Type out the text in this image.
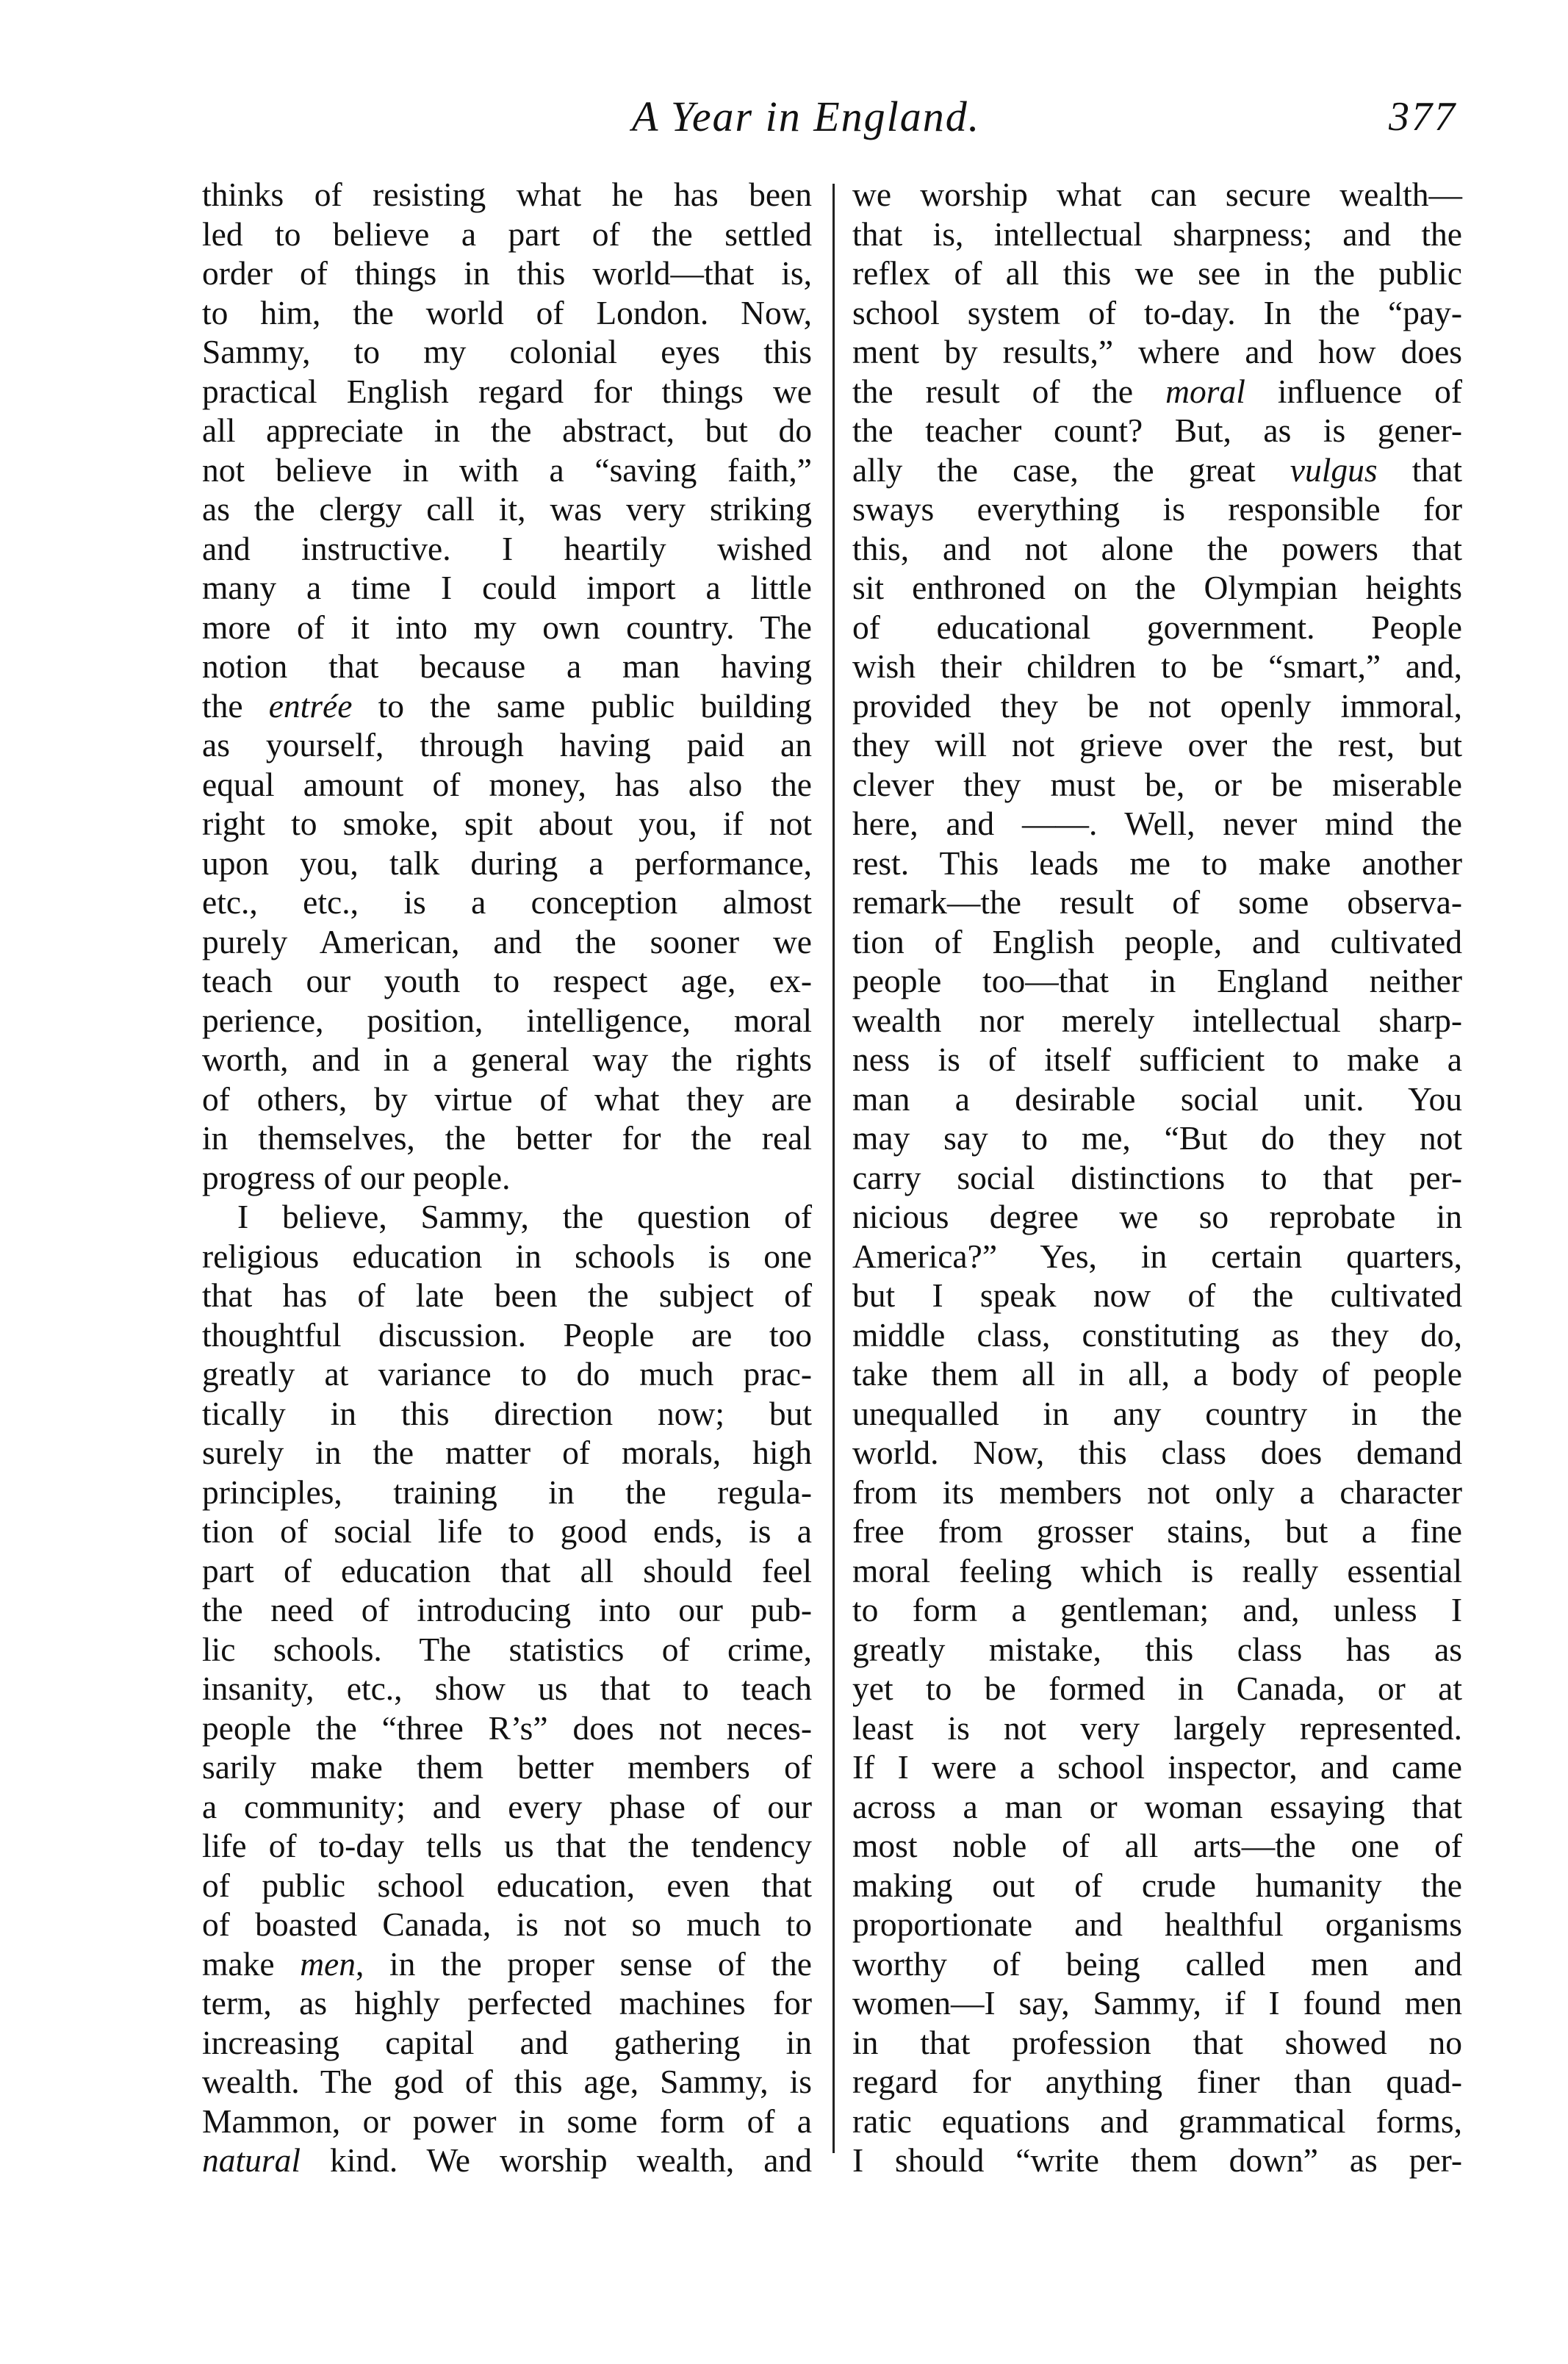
A Year in England.	377
thinks of resisting what he has been
led to believe a part of the settled
order of things in this world—that is,
to him, the world of London. Now,
Sammy, to my colonial eyes this
practical English regard for things we
all appreciate in the abstract, but do
not believe in with a “saving faith,”
as the clergy call it, was very striking
and instructive. I heartily wished
many a time I could import a little
more of it into my own country. The
notion that because a man having
the entrée to the same public building
as yourself, through having paid an
equal amount of money, has also the
right to smoke, spit about you, if not
upon you, talk during a performance,
etc., etc., is a conception almost
purely American, and the sooner we
teach our youth to respect age, ex-
perience, position, intelligence, moral
worth, and in a general way the rights
of others, by virtue of what they are
in themselves, the better for the real
progress of our people.
I believe, Sammy, the question of
religious education in schools is one
that has of late been the subject of
thoughtful discussion. People are too
greatly at variance to do much prac-
tically in this direction now; but
surely in the matter of morals, high
principles, training in the regula-
tion of social life to good ends, is a
part of education that all should feel
the need of introducing into our pub-
lic schools. The statistics of crime,
insanity, etc., show us that to teach
people the “three R’s” does not neces-
sarily make them better members of
a community; and every phase of our
life of to-day tells us that the tendency
of public school education, even that
of boasted Canada, is not so much to
make men, in the proper sense of the
term, as highly perfected machines for
increasing capital and gathering in
wealth. The god of this age, Sammy, is
Mammon, or power in some form of a
natural kind. We worship wealth, and
we worship what can secure wealth—
that is, intellectual sharpness; and the
reflex of all this we see in the public
school system of to-day. In the “pay-
ment by results,” where and how does
the result of the moral influence of
the teacher count? But, as is gener-
ally the case, the great vulgus that
sways everything is responsible for
this, and not alone the powers that
sit enthroned on the Olympian heights
of educational government. People
wish their children to be “smart,” and,
provided they be not openly immoral,
they will not grieve over the rest, but
clever they must be, or be miserable
here, and ——. Well, never mind the
rest. This leads me to make another
remark—the result of some observa-
tion of English people, and cultivated
people too—that in England neither
wealth nor merely intellectual sharp-
ness is of itself sufficient to make a
man a desirable social unit. You
may say to me, “But do they not
carry social distinctions to that per-
nicious degree we so reprobate in
America?” Yes, in certain quarters,
but I speak now of the cultivated
middle class, constituting as they do,
take them all in all, a body of people
unequalled in any country in the
world. Now, this class does demand
from its members not only a character
free from grosser stains, but a fine
moral feeling which is really essential
to form a gentleman; and, unless I
greatly mistake, this class has as
yet to be formed in Canada, or at
least is not very largely represented.
If I were a school inspector, and came
across a man or woman essaying that
most noble of all arts—the one of
making out of crude humanity the
proportionate and healthful organisms
worthy of being called men and
women—I say, Sammy, if I found men
in that profession that showed no
regard for anything finer than quad-
ratic equations and grammatical forms,
I should “write them down” as per-
